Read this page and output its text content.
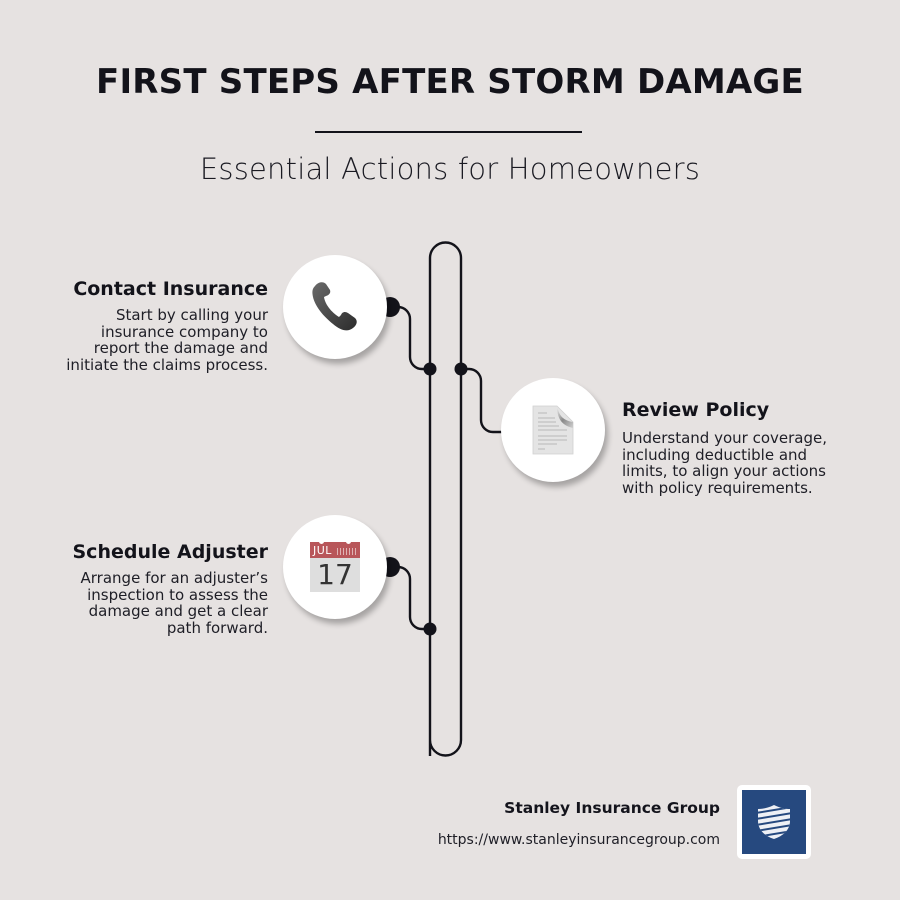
FIRST STEPS AFTER STORM DAMAGE
Essential Actions for Homeowners
Contact Insurance
Start by calling your
insurance company to
report the damage and
initiate the claims process.
Review Policy
Understand your coverage,
including deductible and
limits, to align your actions
with policy requirements.
JUL
17
Schedule Adjuster
Arrange for an adjuster’s
inspection to assess the
damage and get a clear
path forward.
Stanley Insurance Group
https://www.stanleyinsurancegroup.com
